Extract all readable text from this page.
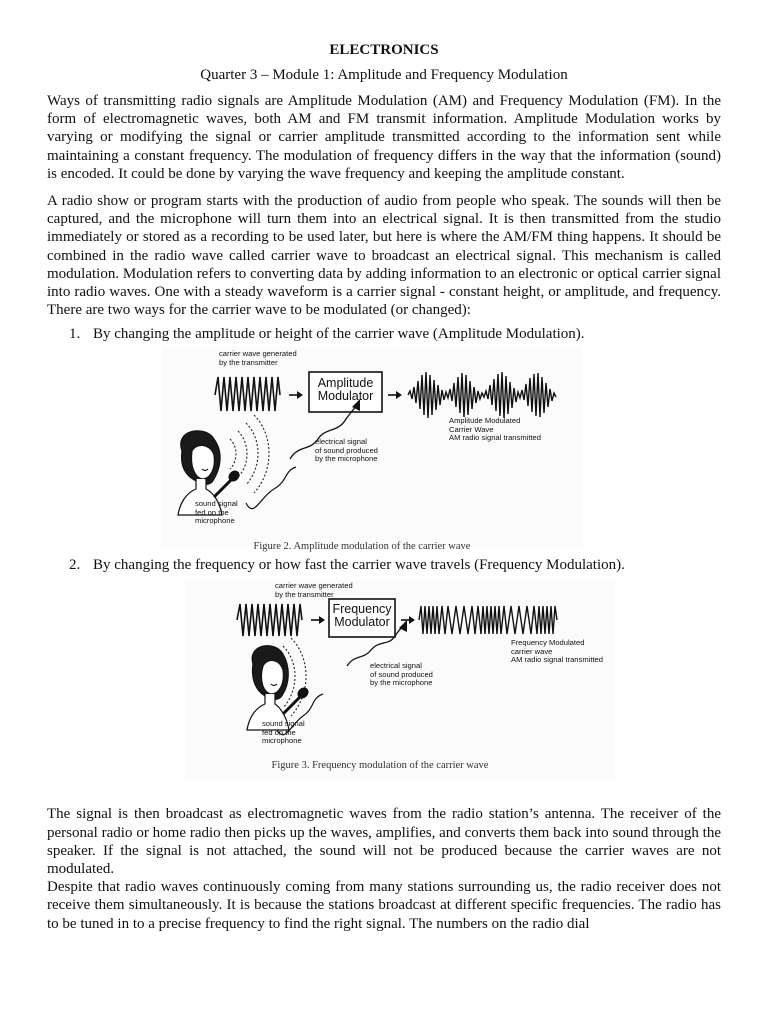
ELECTRONICS
Quarter 3 – Module 1: Amplitude and Frequency Modulation

Ways of transmitting radio signals are Amplitude Modulation (AM) and Frequency Modulation (FM). In the form of electromagnetic waves, both AM and FM transmit information. Amplitude Modulation works by varying or modifying the signal or carrier amplitude transmitted according to the information sent while maintaining a constant frequency. The modulation of frequency differs in the way that the information (sound) is encoded. It could be done by varying the wave frequency and keeping the amplitude constant.

A radio show or program starts with the production of audio from people who speak. The sounds will then be captured, and the microphone will turn them into an electrical signal. It is then transmitted from the studio immediately or stored as a recording to be used later, but here is where the AM/FM thing happens. It should be combined in the radio wave called carrier wave to broadcast an electrical signal. This mechanism is called modulation. Modulation refers to converting data by adding information to an electronic or optical carrier signal into radio waves. One with a steady waveform is a carrier signal - constant height, or amplitude, and frequency. There are two ways for the carrier wave to be modulated (or changed):

1. By changing the amplitude or height of the carrier wave (Amplitude Modulation).
carrier wave generated
by the transmitter
Amplitude
Modulator
Amplitude Modulated
Carrier Wave
AM radio signal transmitted
electrical signal
of sound produced
by the microphone
sound signal
fed on the
microphone
Figure 2. Amplitude modulation of the carrier wave
2. By changing the frequency or how fast the carrier wave travels (Frequency Modulation).
carrier wave generated
by the transmitter
Frequency
Modulator
Frequency Modulated
carrier wave
AM radio signal transmitted
electrical signal
of sound produced
by the microphone
sound signal
fed on the
microphone
Figure 3. Frequency modulation of the carrier wave

The signal is then broadcast as electromagnetic waves from the radio station’s antenna. The receiver of the personal radio or home radio then picks up the waves, amplifies, and converts them back into sound through the speaker. If the signal is not attached, the sound will not be produced because the carrier waves are not modulated.

Despite that radio waves continuously coming from many stations surrounding us, the radio receiver does not receive them simultaneously. It is because the stations broadcast at different specific frequencies. The radio has to be tuned in to a precise frequency to find the right signal. The numbers on the radio dial
